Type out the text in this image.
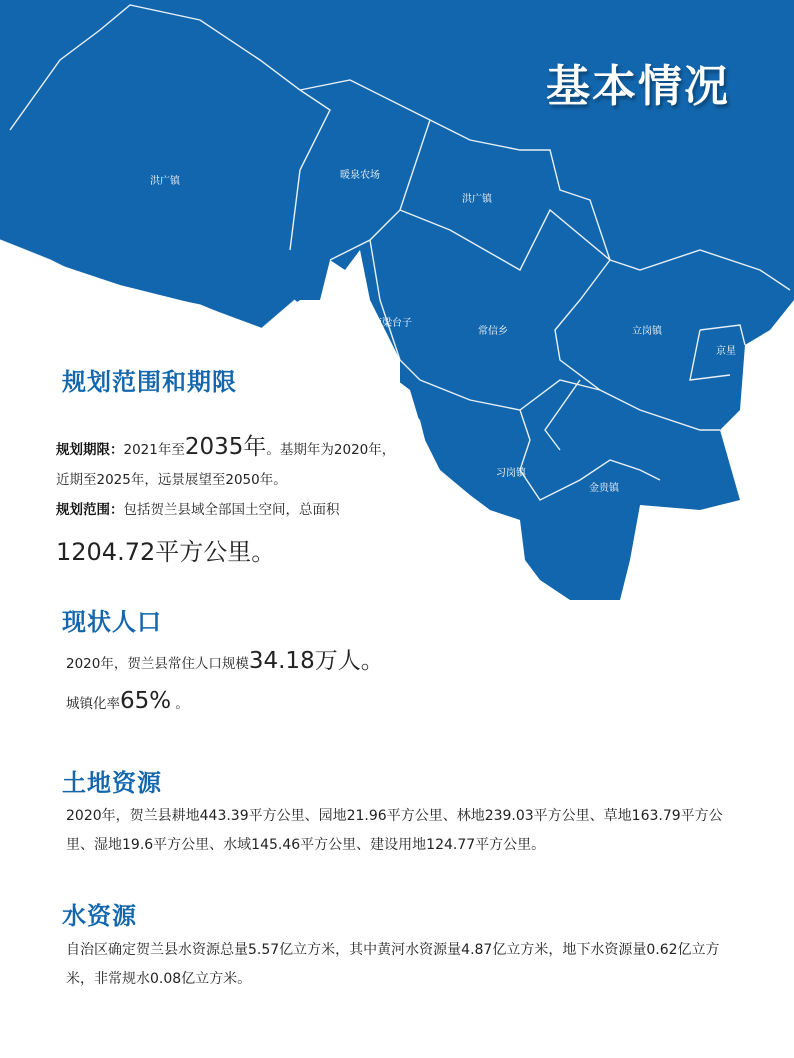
基本情况
洪广镇
暖泉农场
洪广镇
南梁台子
常信乡	立岗镇
京星
习岗镇
金贵镇
规划范围和期限
规划期限：2021年至2035年。基期年为2020年，
近期至2025年，远景展望至2050年。
规划范围：包括贺兰县域全部国土空间，总面积
1204.72平方公里。
现状人口
2020年，贺兰县常住人口规模34.18万人。
城镇化率65% 。
土地资源
2020年，贺兰县耕地443.39平方公里、园地21.96平方公里、林地239.03平方公里、草地163.79平方公里、湿地19.6平方公里、水域145.46平方公里、建设用地124.77平方公里。
水资源
自治区确定贺兰县水资源总量5.57亿立方米，其中黄河水资源量4.87亿立方米，地下水资源量0.62亿立方米，非常规水0.08亿立方米。
